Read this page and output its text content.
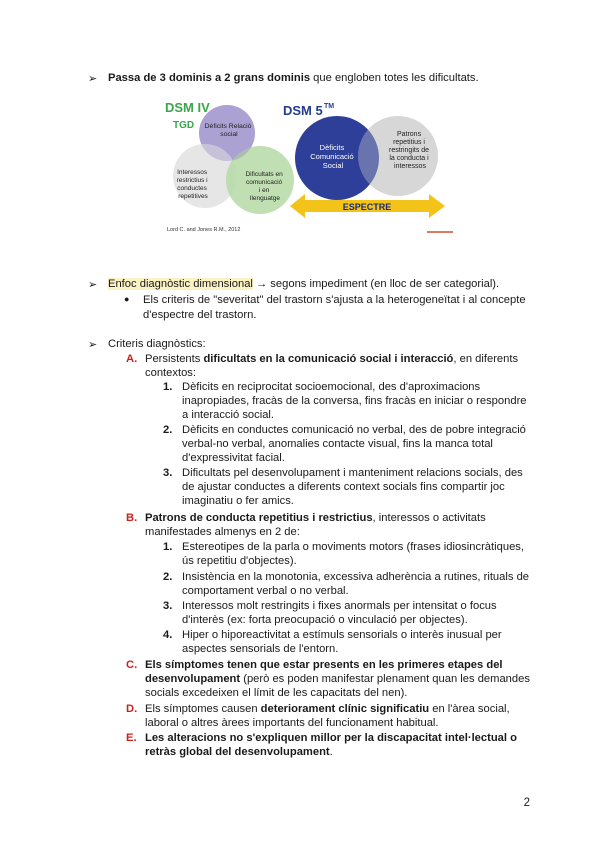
➢ Passa de 3 dominis a 2 grans dominis que engloben totes les dificultats.
DSM IV
TGD Dèficits Relació social
Interessos restrictius i conductes repetitives
Dificultats en comunicació i en llenguatge
Lord C. and Jones R.M., 2012
DSM 5 TM
Dèficits Comunicació Social
Patrons repetitius i restringits de la conducta i interessos
ESPECTRE
➢ Enfoc diagnòstic dimensional → segons impediment (en lloc de ser categorial).
● Els criteris de "severitat" del trastorn s'ajusta a la heterogeneïtat i al concepte
d'espectre del trastorn.
➢ Criteris diagnòstics:
A. Persistents dificultats en la comunicació social i interacció, en diferents
contextos:
1. Dèficits en reciprocitat socioemocional, des d'aproximacions
inapropiades, fracàs de la conversa, fins fracàs en iniciar o respondre
a interacció social.
2. Dèficits en conductes comunicació no verbal, des de pobre integració
verbal-no verbal, anomalies contacte visual, fins la manca total
d'expressivitat facial.
3. Dificultats pel desenvolupament i manteniment relacions socials, des
de ajustar conductes a diferents context socials fins compartir joc
imaginatiu o fer amics.
B. Patrons de conducta repetitius i restrictius, interessos o activitats
manifestades almenys en 2 de:
1. Estereotipes de la parla o moviments motors (frases idiosincràtiques,
ús repetitiu d'objectes).
2. Insistència en la monotonia, excessiva adherència a rutines, rituals de
comportament verbal o no verbal.
3. Interessos molt restringits i fixes anormals per intensitat o focus
d'interès (ex: forta preocupació o vinculació per objectes).
4. Hiper o hiporeactivitat a estímuls sensorials o interès inusual per
aspectes sensorials de l'entorn.
C. Els símptomes tenen que estar presents en les primeres etapes del
desenvolupament (però es poden manifestar plenament quan les demandes
socials excedeixen el límit de les capacitats del nen).
D. Els símptomes causen deteriorament clínic significatiu en l'àrea social,
laboral o altres àrees importants del funcionament habitual.
E. Les alteracions no s'expliquen millor per la discapacitat intel·lectual o
retràs global del desenvolupament.
2
